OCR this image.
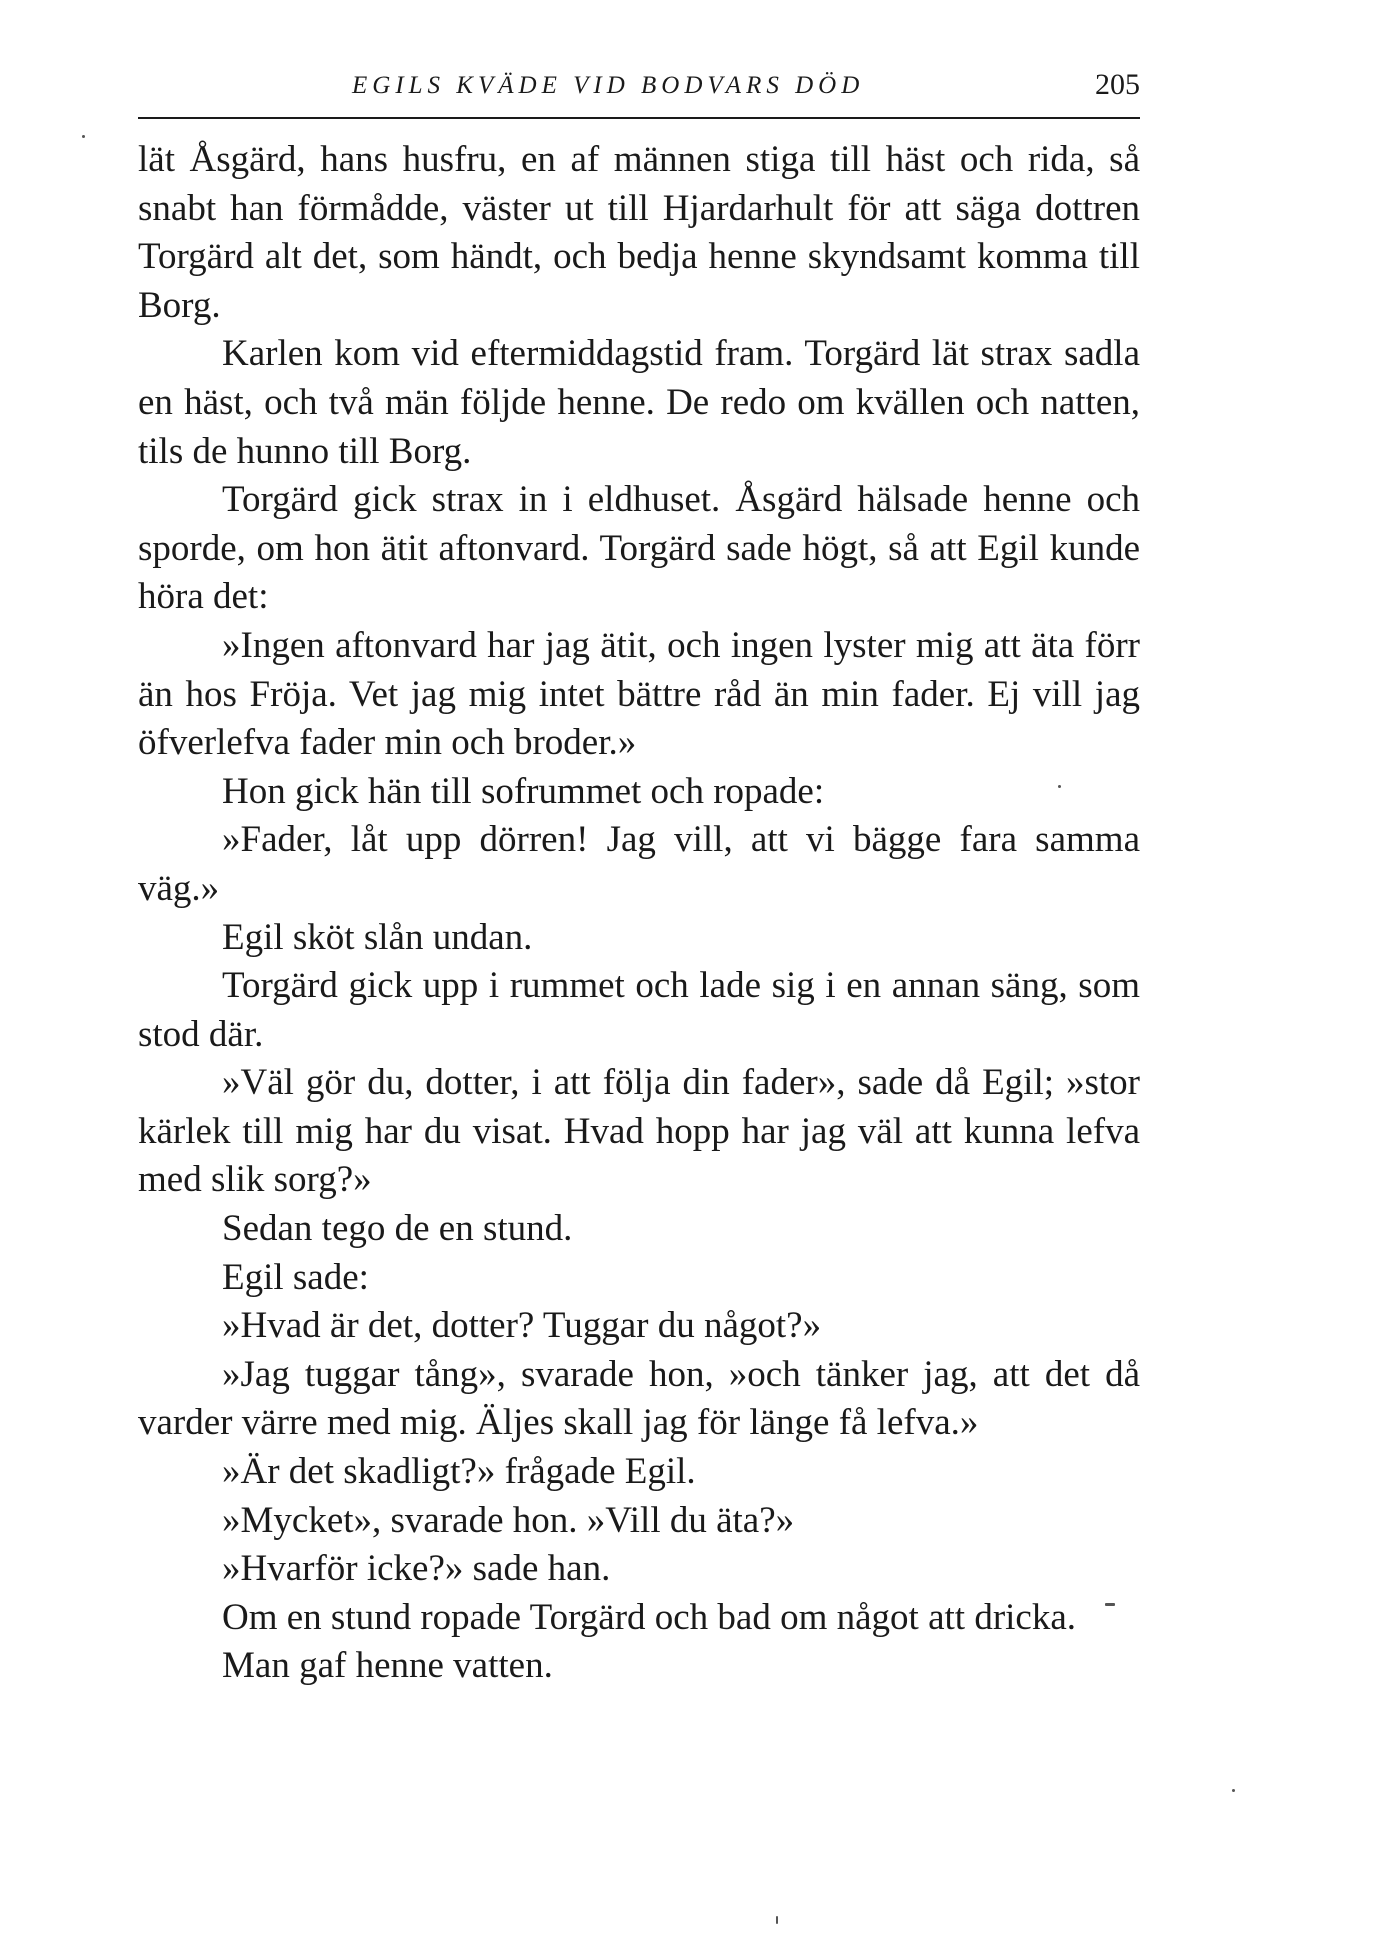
EGILS KVÄDE VID BODVARS DÖD	205

lät Åsgärd, hans husfru, en af männen stiga till häst och rida, så snabt han förmådde, väster ut till Hjardarhult för att säga dottren Torgärd alt det, som händt, och bedja henne skyndsamt komma till Borg.

Karlen kom vid eftermiddagstid fram. Torgärd lät strax sadla en häst, och två män följde henne. De redo om kvällen och natten, tils de hunno till Borg.

Torgärd gick strax in i eldhuset. Åsgärd hälsade henne och sporde, om hon ätit aftonvard. Torgärd sade högt, så att Egil kunde höra det:

»Ingen aftonvard har jag ätit, och ingen lyster mig att äta förr än hos Fröja. Vet jag mig intet bättre råd än min fader. Ej vill jag öfverlefva fader min och broder.»

Hon gick hän till sofrummet och ropade:

»Fader, låt upp dörren! Jag vill, att vi bägge fara samma väg.»

Egil sköt slån undan.

Torgärd gick upp i rummet och lade sig i en annan säng, som stod där.

»Väl gör du, dotter, i att följa din fader», sade då Egil; »stor kärlek till mig har du visat. Hvad hopp har jag väl att kunna lefva med slik sorg?»

Sedan tego de en stund.

Egil sade:

»Hvad är det, dotter? Tuggar du något?»

»Jag tuggar tång», svarade hon, »och tänker jag, att det då varder värre med mig. Äljes skall jag för länge få lefva.»

»Är det skadligt?» frågade Egil.

»Mycket», svarade hon. »Vill du äta?»

»Hvarför icke?» sade han.

Om en stund ropade Torgärd och bad om något att dricka.

Man gaf henne vatten.
